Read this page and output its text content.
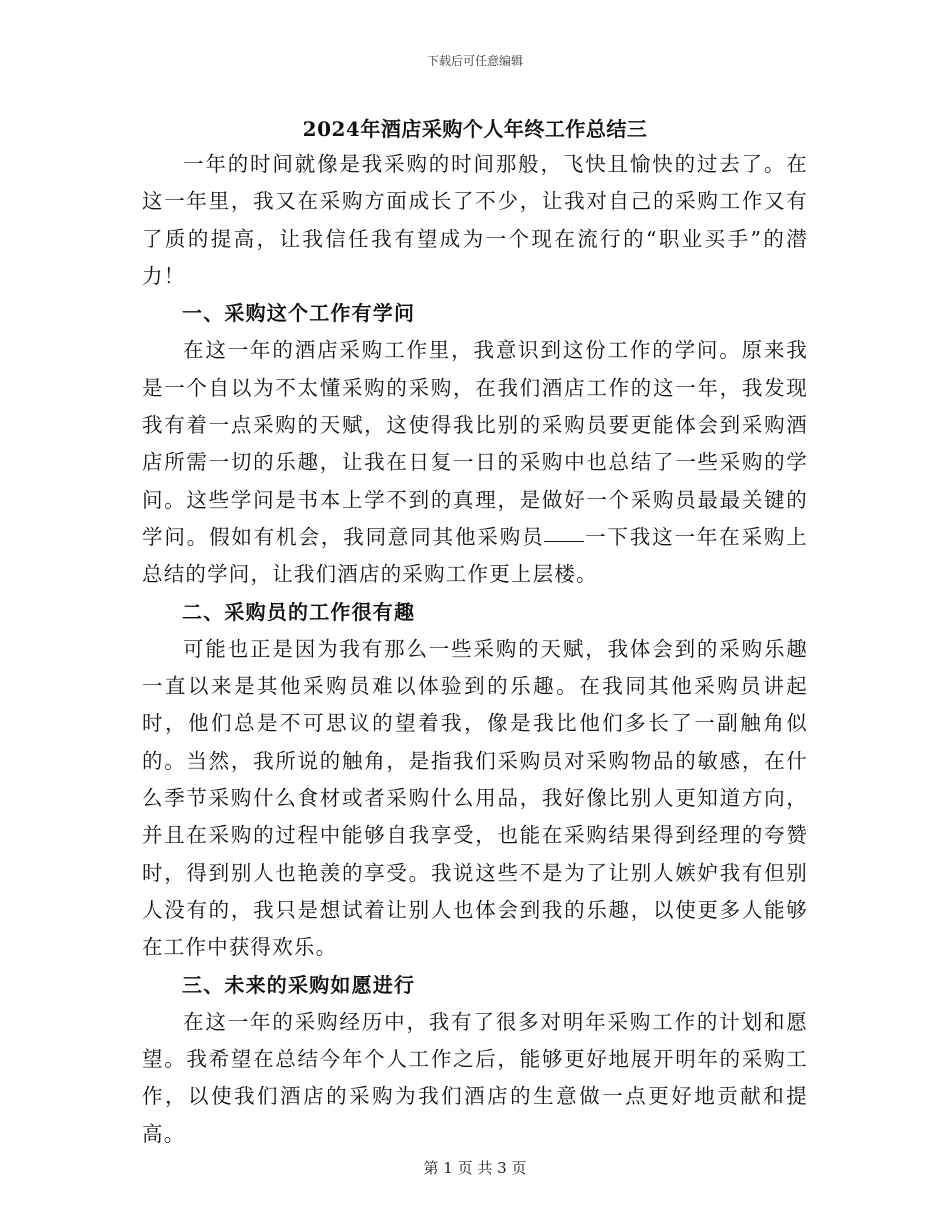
下载后可任意编辑
2024年酒店采购个人年终工作总结三

一年的时间就像是我采购的时间那般，飞快且愉快的过去了。在这一年里，我又在采购方面成长了不少，让我对自己的采购工作又有了质的提高，让我信任我有望成为一个现在流行的“职业买手”的潜力！

一、采购这个工作有学问

在这一年的酒店采购工作里，我意识到这份工作的学问。原来我是一个自以为不太懂采购的采购，在我们酒店工作的这一年，我发现我有着一点采购的天赋，这使得我比别的采购员要更能体会到采购酒店所需一切的乐趣，让我在日复一日的采购中也总结了一些采购的学问。这些学问是书本上学不到的真理，是做好一个采购员最最关键的学问。假如有机会，我同意同其他采购员 一下我这一年在采购上总结的学问，让我们酒店的采购工作更上层楼。

二、采购员的工作很有趣

可能也正是因为我有那么一些采购的天赋，我体会到的采购乐趣一直以来是其他采购员难以体验到的乐趣。在我同其他采购员讲起时，他们总是不可思议的望着我，像是我比他们多长了一副触角似的。当然，我所说的触角，是指我们采购员对采购物品的敏感，在什么季节采购什么食材或者采购什么用品，我好像比别人更知道方向，并且在采购的过程中能够自我享受，也能在采购结果得到经理的夸赞时，得到别人也艳羡的享受。我说这些不是为了让别人嫉妒我有但别人没有的，我只是想试着让别人也体会到我的乐趣，以使更多人能够在工作中获得欢乐。

三、未来的采购如愿进行

在这一年的采购经历中，我有了很多对明年采购工作的计划和愿望。我希望在总结今年个人工作之后，能够更好地展开明年的采购工作，以使我们酒店的采购为我们酒店的生意做一点更好地贡献和提高。

第 1 页 共 3 页
